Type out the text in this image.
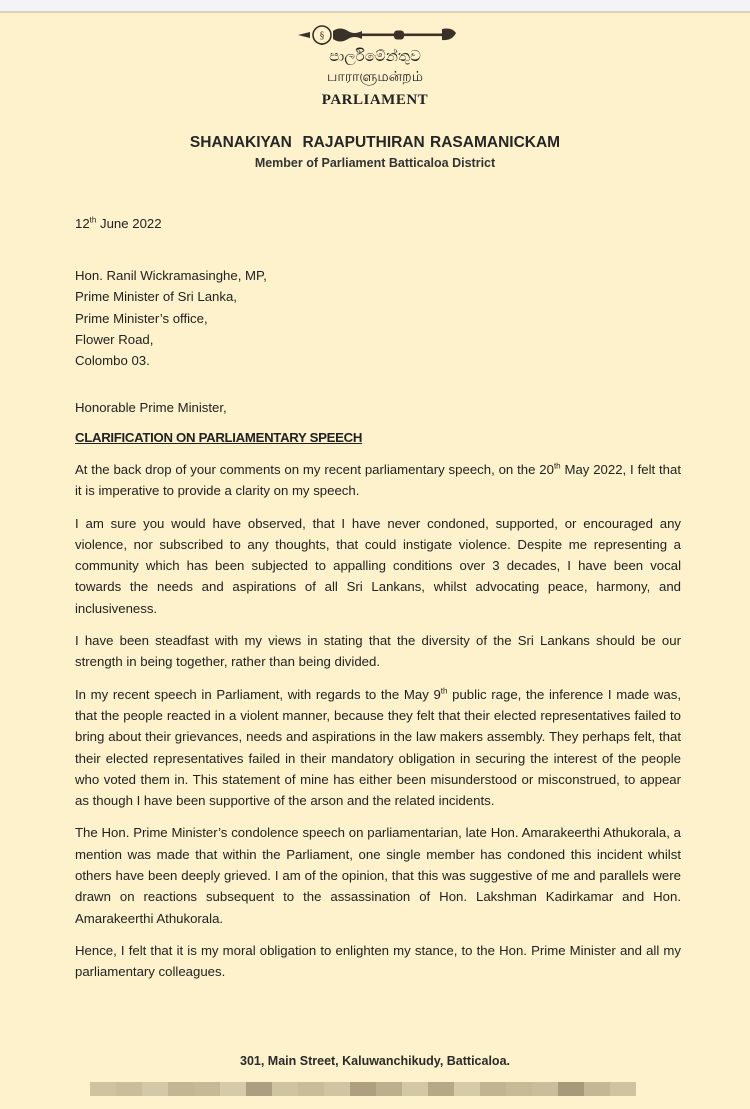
§
පාර්ලිමේන්තුව
பாராளுமன்றம்
PARLIAMENT
SHANAKIYAN  RAJAPUTHIRAN RASAMANICKAM
Member of Parliament Batticaloa District
12th June 2022
Hon. Ranil Wickramasinghe, MP,
Prime Minister of Sri Lanka,
Prime Minister’s office,
Flower Road,
Colombo 03.
Honorable Prime Minister,
CLARIFICATION ON PARLIAMENTARY SPEECH

At the back drop of your comments on my recent parliamentary speech, on the 20th May 2022, I felt that it is imperative to provide a clarity on my speech.

I am sure you would have observed, that I have never condoned, supported, or encouraged any violence, nor subscribed to any thoughts, that could instigate violence. Despite me representing a community which has been subjected to appalling conditions over 3 decades, I have been vocal towards the needs and aspirations of all Sri Lankans, whilst advocating peace, harmony, and inclusiveness.

I have been steadfast with my views in stating that the diversity of the Sri Lankans should be our strength in being together, rather than being divided.

In my recent speech in Parliament, with regards to the May 9th public rage, the inference I made was, that the people reacted in a violent manner, because they felt that their elected representatives failed to bring about their grievances, needs and aspirations in the law makers assembly. They perhaps felt, that their elected representatives failed in their mandatory obligation in securing the interest of the people who voted them in. This statement of mine has either been misunderstood or misconstrued, to appear as though I have been supportive of the arson and the related incidents.

The Hon. Prime Minister’s condolence speech on parliamentarian, late Hon. Amarakeerthi Athukorala, a mention was made that within the Parliament, one single member has condoned this incident whilst others have been deeply grieved. I am of the opinion, that this was suggestive of me and parallels were drawn on reactions subsequent to the assassination of Hon. Lakshman Kadirkamar and Hon. Amarakeerthi Athukorala.

Hence, I felt that it is my moral obligation to enlighten my stance, to the Hon. Prime Minister and all my parliamentary colleagues.

301, Main Street, Kaluwanchikudy, Batticaloa.
